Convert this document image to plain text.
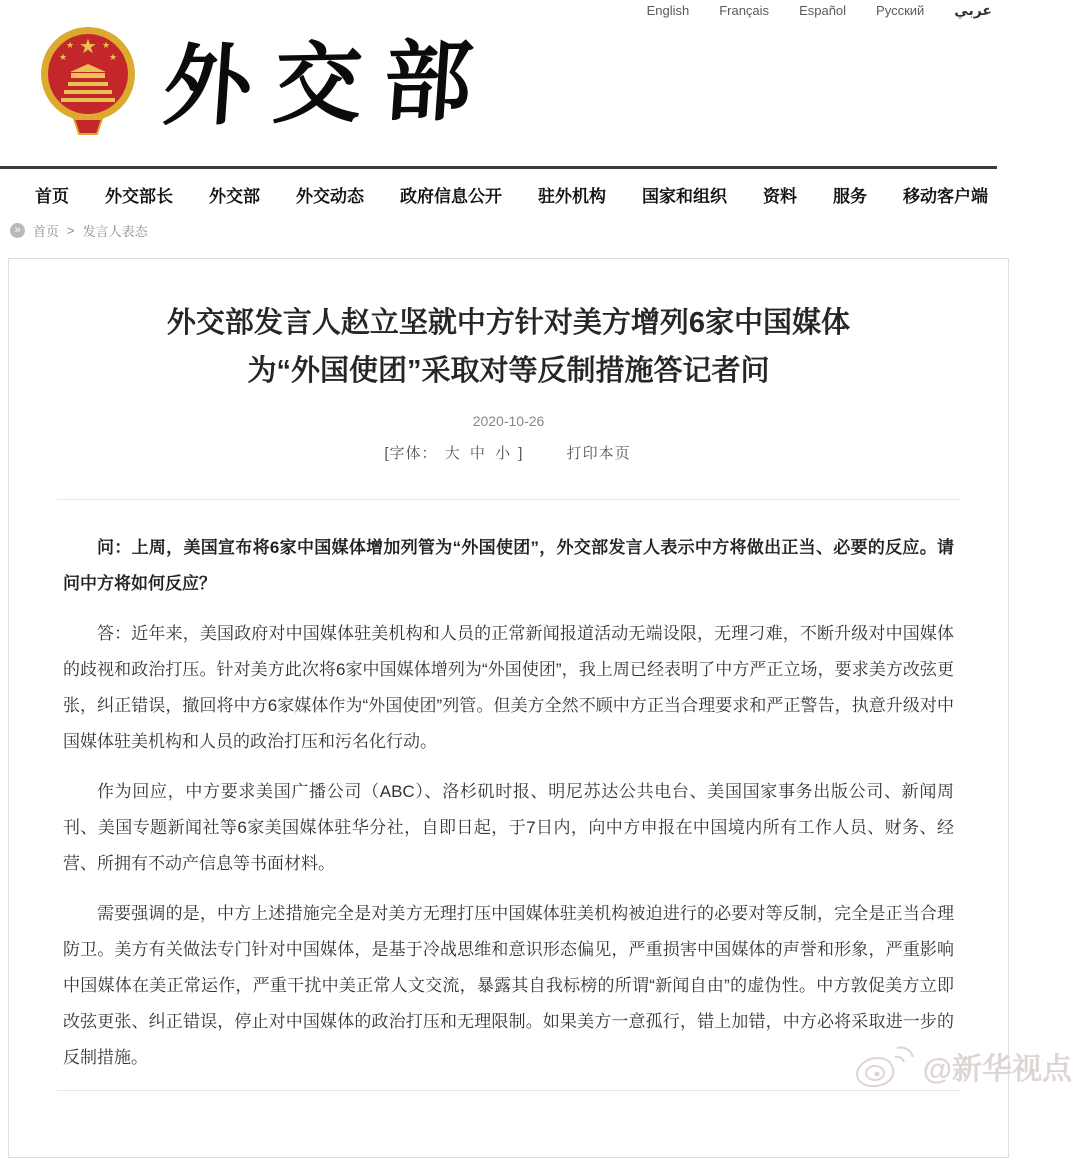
English Français Español Русский عربي
★
★	★
★	★ 外交部
首页 外交部长 外交部 外交动态 政府信息公开 驻外机构 国家和组织 资料 服务 移动客户端
» 首页 > 发言人表态
外交部发言人赵立坚就中方针对美方增列6家中国媒体
为“外国使团”采取对等反制措施答记者问
2020-10-26
[字体： 大 中 小 ]	打印本页

问：上周，美国宣布将6家中国媒体增加列管为“外国使团”，外交部发言人表示中方将做出正当、必要的反应。请问中方将如何反应？

答：近年来，美国政府对中国媒体驻美机构和人员的正常新闻报道活动无端设限，无理刁难，不断升级对中国媒体的歧视和政治打压。针对美方此次将6家中国媒体增列为“外国使团”，我上周已经表明了中方严正立场，要求美方改弦更张，纠正错误，撤回将中方6家媒体作为“外国使团”列管。但美方全然不顾中方正当合理要求和严正警告，执意升级对中国媒体驻美机构和人员的政治打压和污名化行动。

作为回应，中方要求美国广播公司（ABC）、洛杉矶时报、明尼苏达公共电台、美国国家事务出版公司、新闻周刊、美国专题新闻社等6家美国媒体驻华分社，自即日起，于7日内，向中方申报在中国境内所有工作人员、财务、经营、所拥有不动产信息等书面材料。

需要强调的是，中方上述措施完全是对美方无理打压中国媒体驻美机构被迫进行的必要对等反制，完全是正当合理防卫。美方有关做法专门针对中国媒体，是基于冷战思维和意识形态偏见，严重损害中国媒体的声誉和形象，严重影响中国媒体在美正常运作，严重干扰中美正常人文交流，暴露其自我标榜的所谓“新闻自由”的虚伪性。中方敦促美方立即改弦更张、纠正错误，停止对中国媒体的政治打压和无理限制。如果美方一意孤行，错上加错，中方必将采取进一步的反制措施。	@新华视点
